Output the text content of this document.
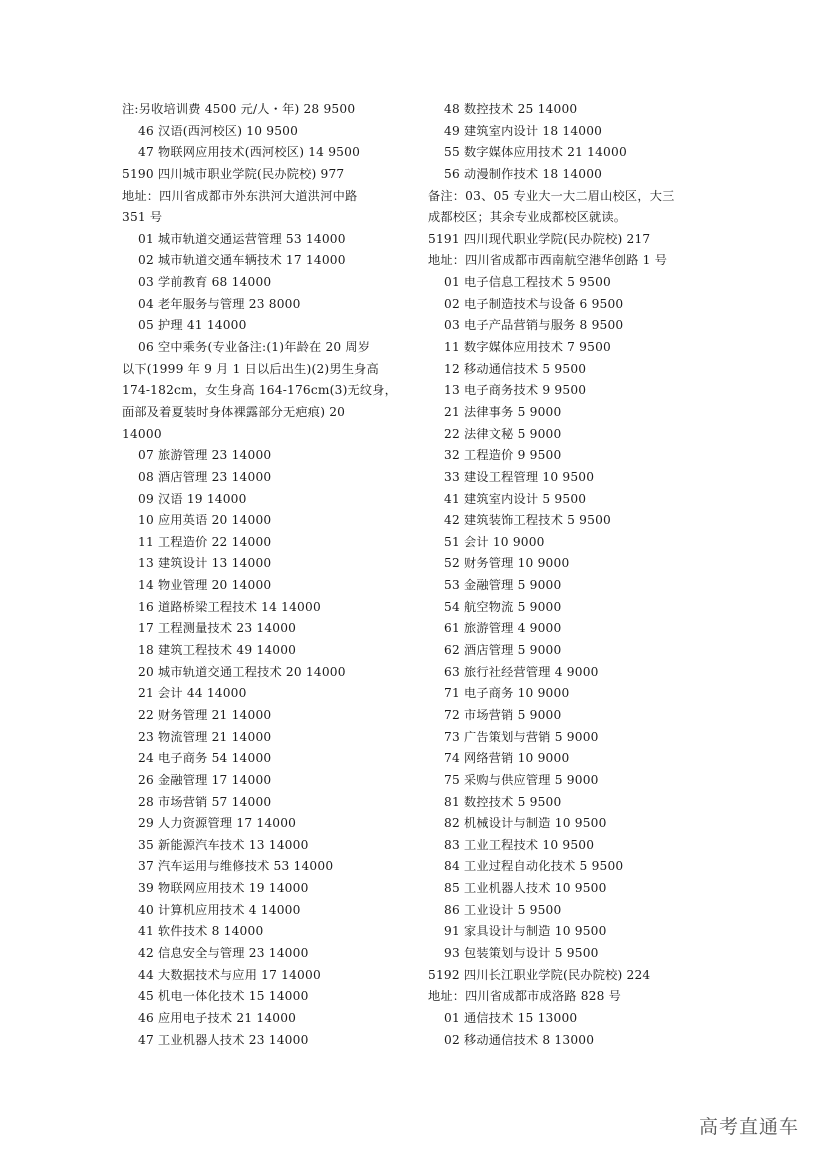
注:另收培训费 4500 元/人・年) 28 9500
46 汉语(西河校区) 10 9500
47 物联网应用技术(西河校区) 14 9500
5190 四川城市职业学院(民办院校) 977
地址：四川省成都市外东洪河大道洪河中路
351 号
01 城市轨道交通运营管理 53 14000
02 城市轨道交通车辆技术 17 14000
03 学前教育 68 14000
04 老年服务与管理 23 8000
05 护理 41 14000
06 空中乘务(专业备注:(1)年龄在 20 周岁
以下(1999 年 9 月 1 日以后出生)(2)男生身高
174-182cm，女生身高 164-176cm(3)无纹身，
面部及着夏装时身体裸露部分无疤痕) 20
14000
07 旅游管理 23 14000
08 酒店管理 23 14000
09 汉语 19 14000
10 应用英语 20 14000
11 工程造价 22 14000
13 建筑设计 13 14000
14 物业管理 20 14000
16 道路桥梁工程技术 14 14000
17 工程测量技术 23 14000
18 建筑工程技术 49 14000
20 城市轨道交通工程技术 20 14000
21 会计 44 14000
22 财务管理 21 14000
23 物流管理 21 14000
24 电子商务 54 14000
26 金融管理 17 14000
28 市场营销 57 14000
29 人力资源管理 17 14000
35 新能源汽车技术 13 14000
37 汽车运用与维修技术 53 14000
39 物联网应用技术 19 14000
40 计算机应用技术 4 14000
41 软件技术 8 14000
42 信息安全与管理 23 14000
44 大数据技术与应用 17 14000
45 机电一体化技术 15 14000
46 应用电子技术 21 14000
47 工业机器人技术 23 14000
48 数控技术 25 14000
49 建筑室内设计 18 14000
55 数字媒体应用技术 21 14000
56 动漫制作技术 18 14000
备注：03、05 专业大一大二眉山校区，大三
成都校区；其余专业成都校区就读。
5191 四川现代职业学院(民办院校) 217
地址：四川省成都市西南航空港华创路 1 号
01 电子信息工程技术 5 9500
02 电子制造技术与设备 6 9500
03 电子产品营销与服务 8 9500
11 数字媒体应用技术 7 9500
12 移动通信技术 5 9500
13 电子商务技术 9 9500
21 法律事务 5 9000
22 法律文秘 5 9000
32 工程造价 9 9500
33 建设工程管理 10 9500
41 建筑室内设计 5 9500
42 建筑装饰工程技术 5 9500
51 会计 10 9000
52 财务管理 10 9000
53 金融管理 5 9000
54 航空物流 5 9000
61 旅游管理 4 9000
62 酒店管理 5 9000
63 旅行社经营管理 4 9000
71 电子商务 10 9000
72 市场营销 5 9000
73 广告策划与营销 5 9000
74 网络营销 10 9000
75 采购与供应管理 5 9000
81 数控技术 5 9500
82 机械设计与制造 10 9500
83 工业工程技术 10 9500
84 工业过程自动化技术 5 9500
85 工业机器人技术 10 9500
86 工业设计 5 9500
91 家具设计与制造 10 9500
93 包装策划与设计 5 9500
5192 四川长江职业学院(民办院校) 224
地址：四川省成都市成洛路 828 号
01 通信技术 15 13000
02 移动通信技术 8 13000
高考直通车
